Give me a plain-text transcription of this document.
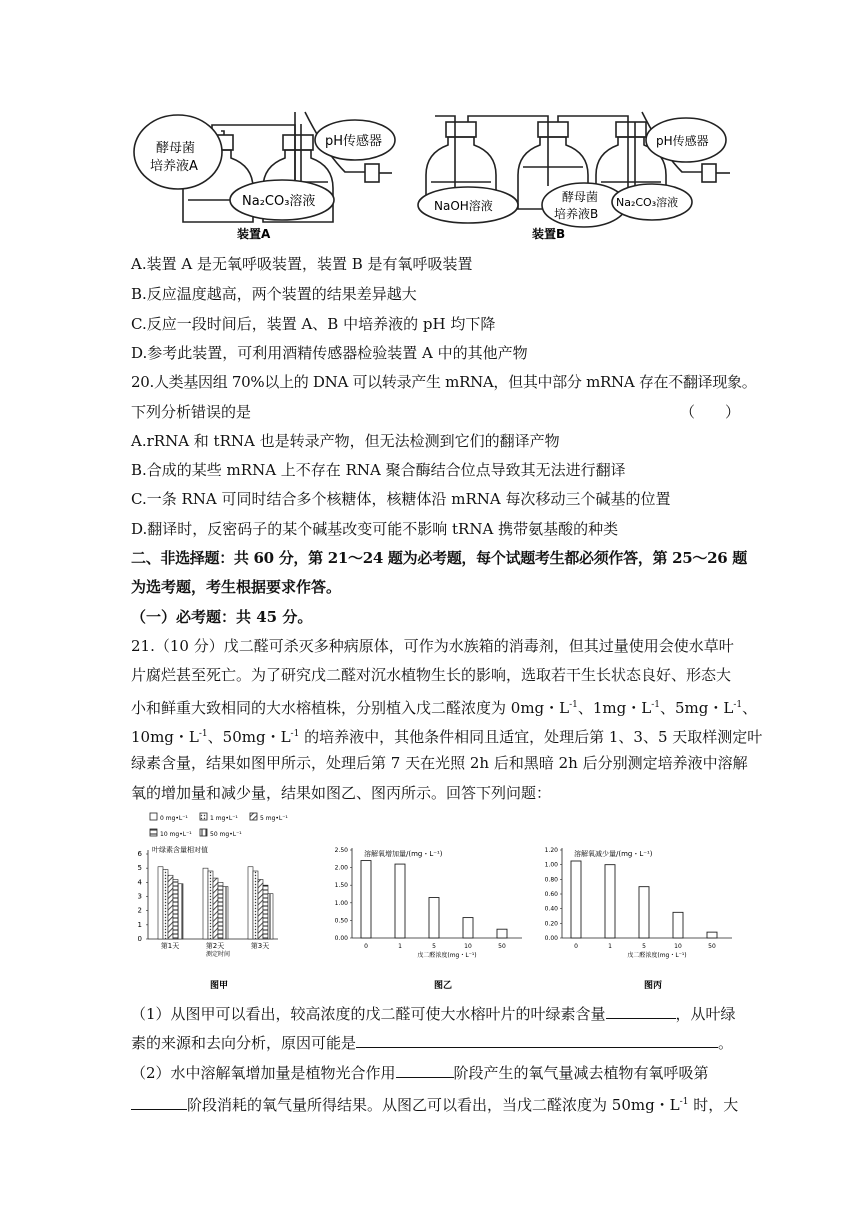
酵母菌
培养液A
pH传感器
Na₂CO₃溶液
装置A
NaOH溶液
酵母菌
培养液B
Na₂CO₃溶液
pH传感器
装置B
A.装置 A 是无氧呼吸装置，装置 B 是有氧呼吸装置
B.反应温度越高，两个装置的结果差异越大
C.反应一段时间后，装置 A、B 中培养液的 pH 均下降
D.参考此装置，可利用酒精传感器检验装置 A 中的其他产物
20.人类基因组 70%以上的 DNA 可以转录产生 mRNA，但其中部分 mRNA 存在不翻译现象。
下列分析错误的是	（　　）
A.rRNA 和 tRNA 也是转录产物，但无法检测到它们的翻译产物
B.合成的某些 mRNA 上不存在 RNA 聚合酶结合位点导致其无法进行翻译
C.一条 RNA 可同时结合多个核糖体，核糖体沿 mRNA 每次移动三个碱基的位置
D.翻译时，反密码子的某个碱基改变可能不影响 tRNA 携带氨基酸的种类
二、非选择题：共 60 分，第 21～24 题为必考题，每个试题考生都必须作答，第 25～26 题
为选考题，考生根据要求作答。
（一）必考题：共 45 分。
21.（10 分）戊二醛可杀灭多种病原体，可作为水族箱的消毒剂，但其过量使用会使水草叶
片腐烂甚至死亡。为了研究戊二醛对沉水植物生长的影响，选取若干生长状态良好、形态大
小和鲜重大致相同的大水榕植株，分别植入戊二醛浓度为 0mg・$L^{-1}$、1mg・$L^{-1}$、5mg・$L^{-1}$、
10mg・$L^{-1}$、50mg・$L^{-1}$ 的培养液中，其他条件相同且适宜，处理后第 1、3、5 天取样测定叶
绿素含量，结果如图甲所示，处理后第 7 天在光照 2h 后和黑暗 2h 后分别测定培养液中溶解
氧的增加量和减少量，结果如图乙、图丙所示。回答下列问题：
0 mg•L⁻¹	1 mg•L⁻¹	5 mg•L⁻¹
10 mg•L⁻¹	50 mg•L⁻¹
叶绿素含量相对值
0
1
2
3
4
5
6
第1天	第2天	第3天
测定时间
图甲
溶解氧增加量/(mg・L⁻¹)
0.00
0.50
1.00
1.50
2.00
2.50
0	1	5	10	50
戊二醛浓度(mg・L⁻¹)
图乙
溶解氧减少量/(mg・L⁻¹)
0.00
0.20
0.40
0.60
0.80
1.00
1.20
0	1	5	10	50
戊二醛浓度(mg・L⁻¹)
图丙
（1）从图甲可以看出，较高浓度的戊二醛可使大水榕叶片的叶绿素含量	，从叶绿
素的来源和去向分析，原因可能是	。
（2）水中溶解氧增加量是植物光合作用	阶段产生的氧气量减去植物有氧呼吸第
阶段消耗的氧气量所得结果。从图乙可以看出，当戊二醛浓度为 50mg・$L^{-1}$ 时，大
